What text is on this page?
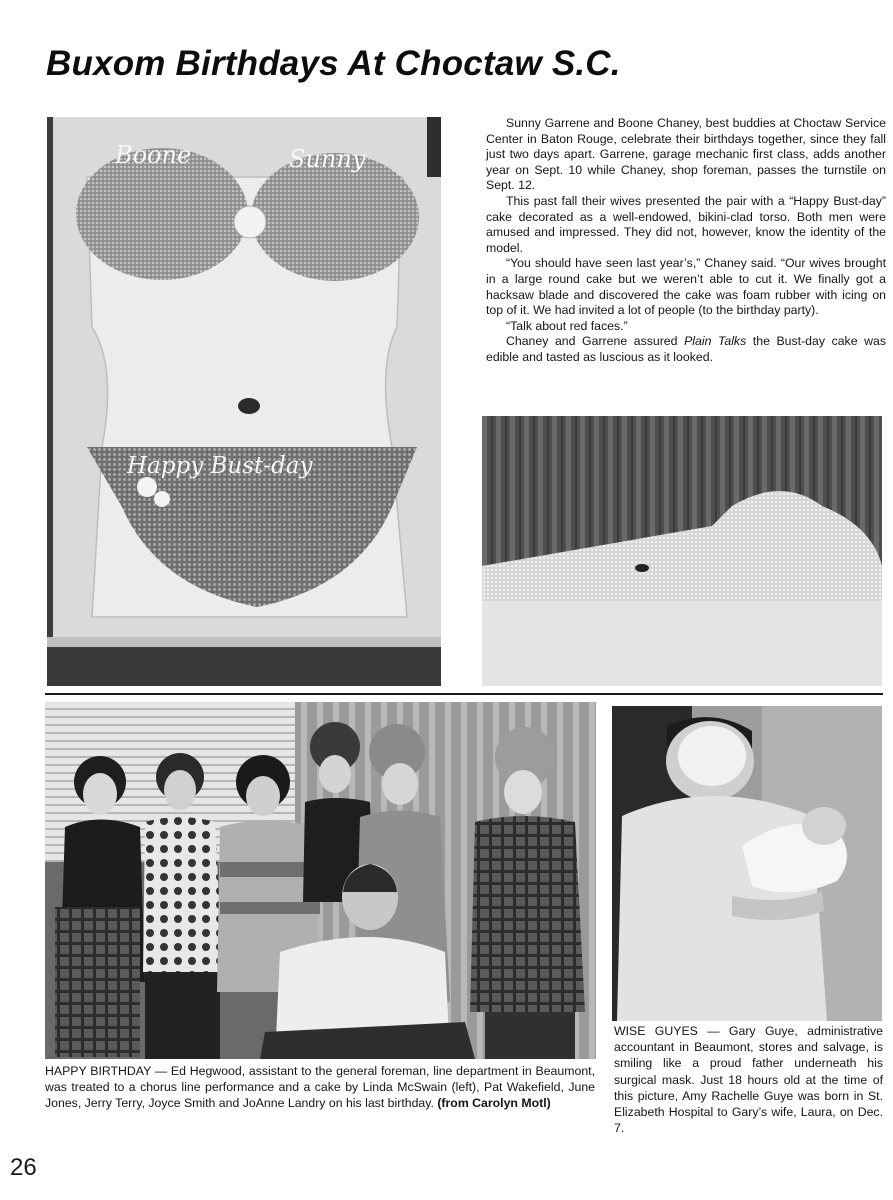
Buxom Birthdays At Choctaw S.C.
Boone	Sunny
Happy Bust-day

Sunny Garrene and Boone Chaney, best buddies at Choctaw Service Center in Baton Rouge, celebrate their birthdays together, since they fall just two days apart. Garrene, garage mechanic first class, adds another year on Sept. 10 while Chaney, shop foreman, passes the turnstile on Sept. 12.

This past fall their wives presented the pair with a “Happy Bust-day” cake decorated as a well-endowed, bikini-clad torso. Both men were amused and impressed. They did not, however, know the identity of the model.

“You should have seen last year’s,” Chaney said. “Our wives brought in a large round cake but we weren’t able to cut it. We finally got a hacksaw blade and discovered the cake was foam rubber with icing on top of it. We had invited a lot of people (to the birthday party).

“Talk about red faces.”

Chaney and Garrene assured Plain Talks the Bust-day cake was edible and tasted as luscious as it looked.

HAPPY BIRTHDAY — Ed Hegwood, assistant to the general foreman, line department in Beaumont, was treated to a chorus line performance and a cake by Linda McSwain (left), Pat Wakefield, June Jones, Jerry Terry, Joyce Smith and JoAnne Landry on his last birthday. (from Carolyn Motl)
WISE GUYES — Gary Guye, administrative accountant in Beaumont, stores and salvage, is smiling like a proud father underneath his surgical mask. Just 18 hours old at the time of this picture, Amy Rachelle Guye was born in St. Elizabeth Hospital to Gary’s wife, Laura, on Dec. 7.
26
